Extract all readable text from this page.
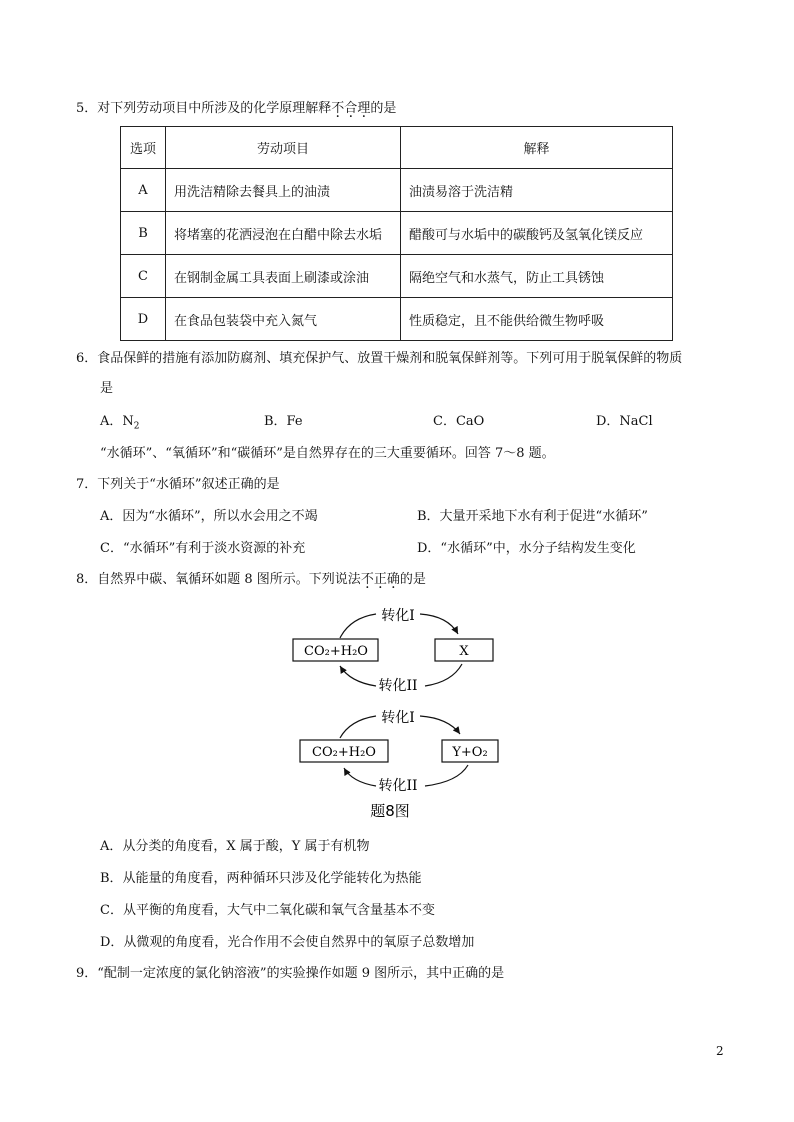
5．对下列劳动项目中所涉及的化学原理解释不合理的是
选项	劳动项目	解释
A	用洗洁精除去餐具上的油渍	油渍易溶于洗洁精
B	将堵塞的花洒浸泡在白醋中除去水垢	醋酸可与水垢中的碳酸钙及氢氧化镁反应
C	在钢制金属工具表面上刷漆或涂油	隔绝空气和水蒸气，防止工具锈蚀
D	在食品包装袋中充入氮气	性质稳定，且不能供给微生物呼吸
6．食品保鲜的措施有添加防腐剂、填充保护气、放置干燥剂和脱氧保鲜剂等。下列可用于脱氧保鲜的物质
是
A．$N_2$	B．Fe	C．CaO	D．NaCl
“水循环”、“氧循环”和“碳循环”是自然界存在的三大重要循环。回答 7～8 题。
7．下列关于“水循环”叙述正确的是
A．因为“水循环”，所以水会用之不竭	B．大量开采地下水有利于促进“水循环”
C．“水循环”有利于淡水资源的补充	D．“水循环”中，水分子结构发生变化
8．自然界中碳、氧循环如题 8 图所示。下列说法不正确的是
转化I
CO₂+H₂O	X
转化II
转化I
CO₂+H₂O	Y+O₂
转化II
题8图
A．从分类的角度看，X 属于酸，Y 属于有机物
B．从能量的角度看，两种循环只涉及化学能转化为热能
C．从平衡的角度看，大气中二氧化碳和氧气含量基本不变
D．从微观的角度看，光合作用不会使自然界中的氧原子总数增加
9．“配制一定浓度的氯化钠溶液”的实验操作如题 9 图所示，其中正确的是
2
